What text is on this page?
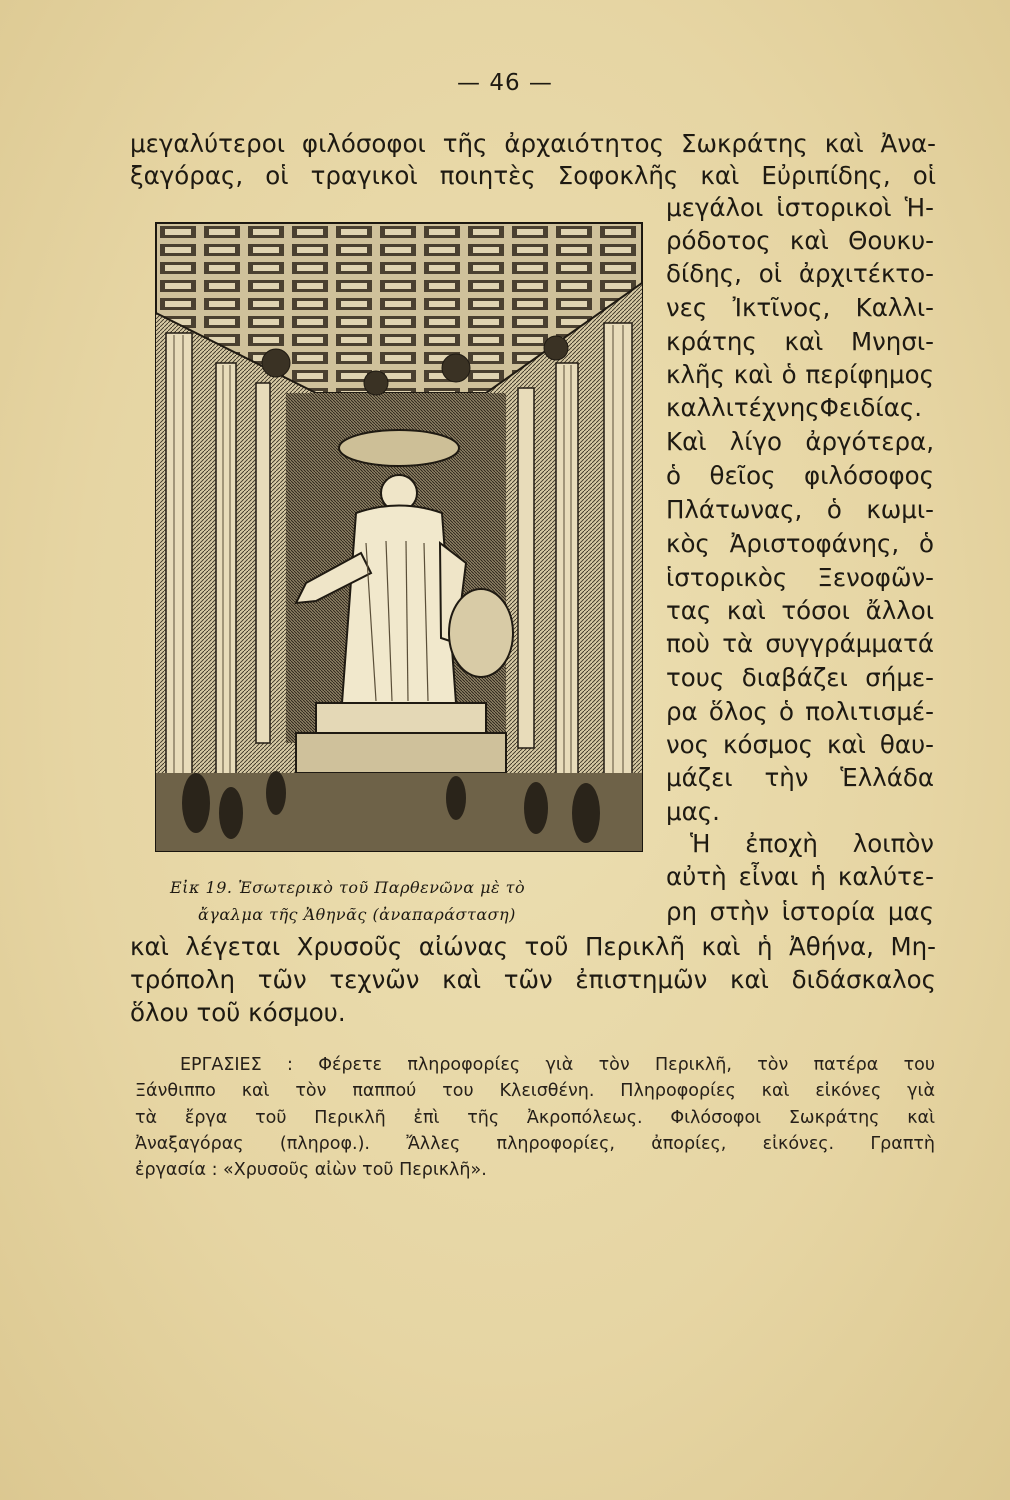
— 46 —
μεγαλύτεροι φιλόσοφοι τῆς ἀρχαιότητος Σωκράτης καὶ Ἀνα-
ξαγόρας, οἱ τραγικοὶ ποιητὲς Σοφοκλῆς καὶ Εὐριπίδης, οἱ
μεγάλοι ἱστορικοὶ Ἡ-
ρόδοτος καὶ Θουκυ-
δίδης, οἱ ἀρχιτέκτο-
νες Ἰκτῖνος, Καλλι-
κράτης καὶ Μνησι-
κλῆς καὶ ὁ περίφημος
καλλιτέχνηςΦειδίας.
Καὶ λίγο ἀργότερα,
ὁ θεῖος φιλόσοφος
Πλάτωνας, ὁ κωμι-
κὸς Ἀριστοφάνης, ὁ
ἱστορικὸς Ξενοφῶν-
τας καὶ τόσοι ἄλλοι
ποὺ τὰ συγγράμματά
τους διαβάζει σήμε-
ρα ὅλος ὁ πολιτισμέ-
νος κόσμος καὶ θαυ-
μάζει τὴν Ἑλλάδα
μας.
Ἡ ἐποχὴ λοιπὸν
αὐτὴ εἶναι ἡ καλύτε-
ρη στὴν ἱστορία μας
Εἰκ 19. Ἐσωτερικὸ τοῦ Παρθενῶνα μὲ τὸ
ἄγαλμα τῆς Ἀθηνᾶς (ἀναπαράσταση)
καὶ λέγεται Χρυσοῦς αἰώνας τοῦ Περικλῆ καὶ ἡ Ἀθήνα, Μη-
τρόπολη τῶν τεχνῶν καὶ τῶν ἐπιστημῶν καὶ διδάσκαλος
ὅλου τοῦ κόσμου.
ΕΡΓΑΣΙΕΣ : Φέρετε πληροφορίες γιὰ τὸν Περικλῆ, τὸν πατέρα του
Ξάνθιππο καὶ τὸν παππού του Κλεισθένη. Πληροφορίες καὶ εἰκόνες γιὰ
τὰ ἔργα τοῦ Περικλῆ ἐπὶ τῆς Ἀκροπόλεως. Φιλόσοφοι Σωκράτης καὶ
Ἀναξαγόρας (πληροφ.). Ἄλλες πληροφορίες, ἀπορίες, εἰκόνες. Γραπτὴ
ἐργασία : «Χρυσοῦς αἰὼν τοῦ Περικλῆ».
